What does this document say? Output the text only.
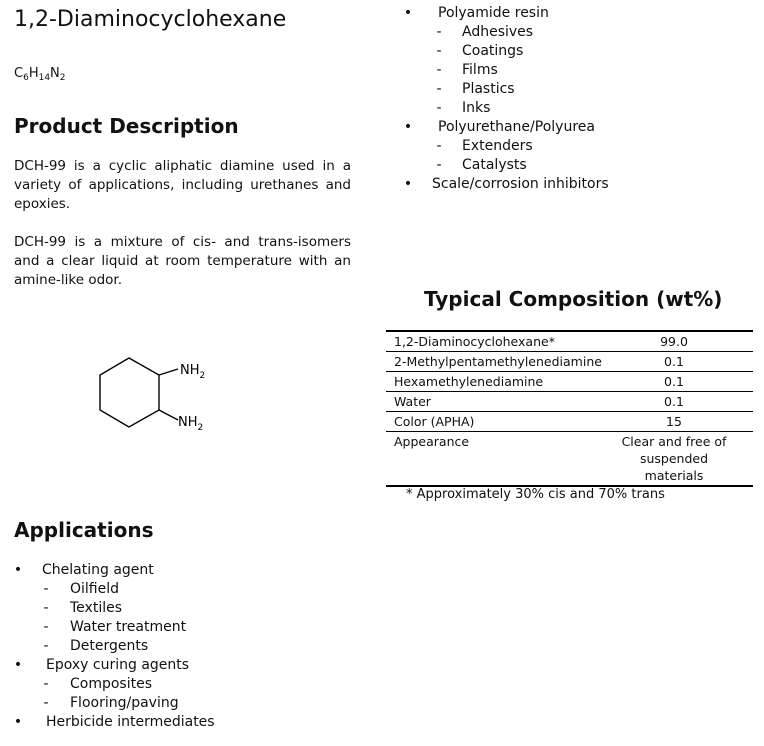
1,2-Diaminocyclohexane
$C_6H_{14}N_2$
Product Description
DCH-99 is a cyclic aliphatic diamine used in a variety of applications, including urethanes and epoxies.
DCH-99 is a mixture of cis- and trans-isomers and a clear liquid at room temperature with an amine-like odor.
$NH_2$
$NH_2$
•	Polyamide resin
- Adhesives
- Coatings
- Films
- Plastics
- Inks
•	Polyurethane/Polyurea
- Extenders
- Catalysts
•	Scale/corrosion inhibitors
Typical Composition (wt%)
1,2-Diaminocyclohexane*	99.0
2-Methylpentamethylenediamine	0.1
Hexamethylenediamine	0.1
Water	0.1
Color (APHA)	15
Appearance	Clear and free of suspended materials
* Approximately 30% cis and 70% trans
Applications
•	Chelating agent
- Oilfield
- Textiles
- Water treatment
- Detergents
•	Epoxy curing agents
- Composites
- Flooring/paving
•	Herbicide intermediates
